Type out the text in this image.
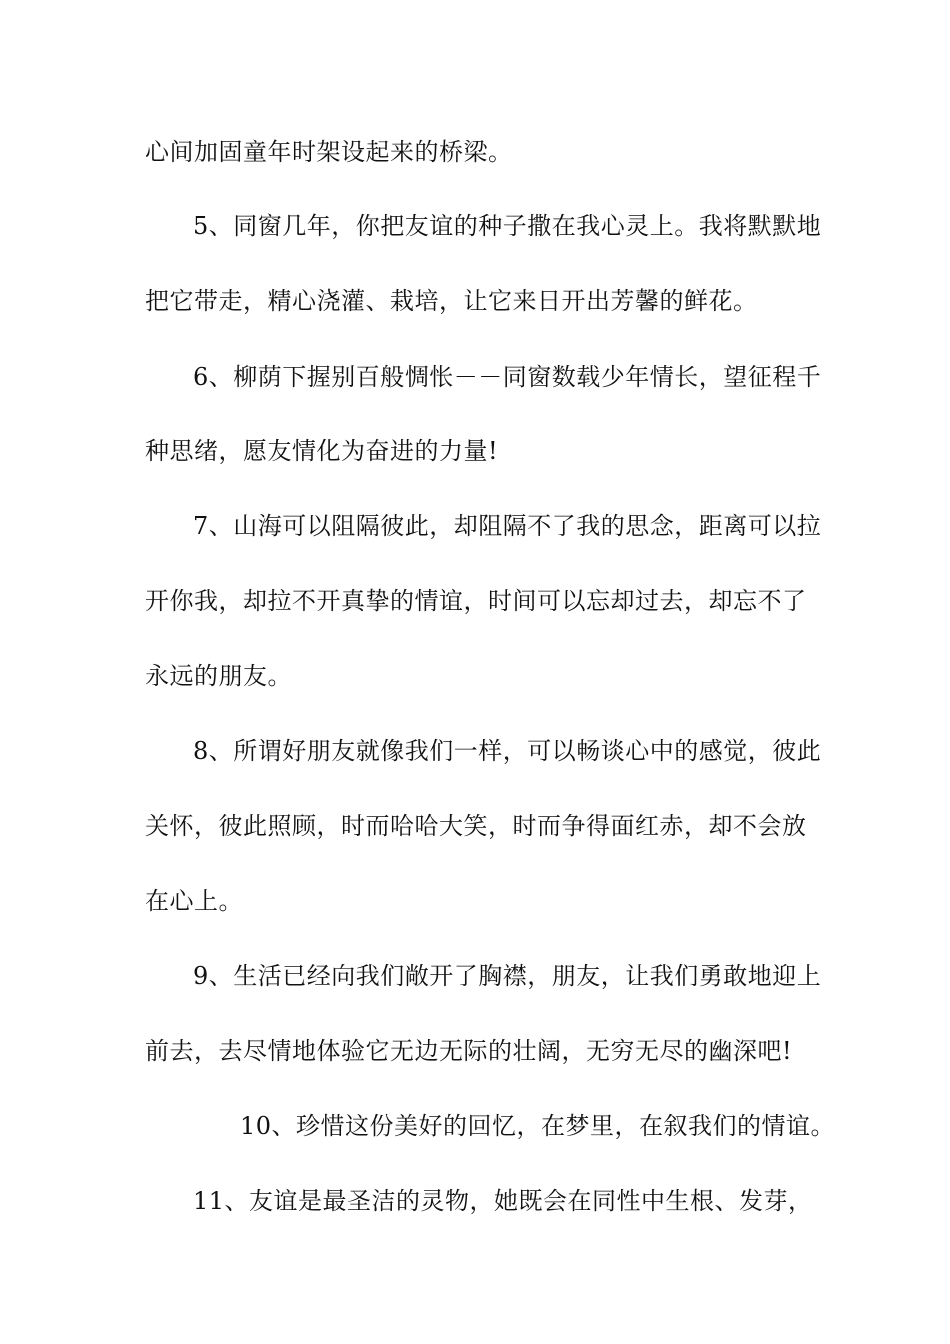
心间加固童年时架设起来的桥梁。
5、同窗几年，你把友谊的种子撒在我心灵上。我将默默地
把它带走，精心浇灌、栽培，让它来日开出芳馨的鲜花。
6、柳荫下握别百般惆怅－－同窗数载少年情长，望征程千
种思绪，愿友情化为奋进的力量!
7、山海可以阻隔彼此，却阻隔不了我的思念，距离可以拉
开你我，却拉不开真挚的情谊，时间可以忘却过去，却忘不了
永远的朋友。
8、所谓好朋友就像我们一样，可以畅谈心中的感觉，彼此
关怀，彼此照顾，时而哈哈大笑，时而争得面红赤，却不会放
在心上。
9、生活已经向我们敞开了胸襟，朋友，让我们勇敢地迎上
前去，去尽情地体验它无边无际的壮阔，无穷无尽的幽深吧!
10、珍惜这份美好的回忆，在梦里，在叙我们的情谊。
11、友谊是最圣洁的灵物，她既会在同性中生根、发芽，
